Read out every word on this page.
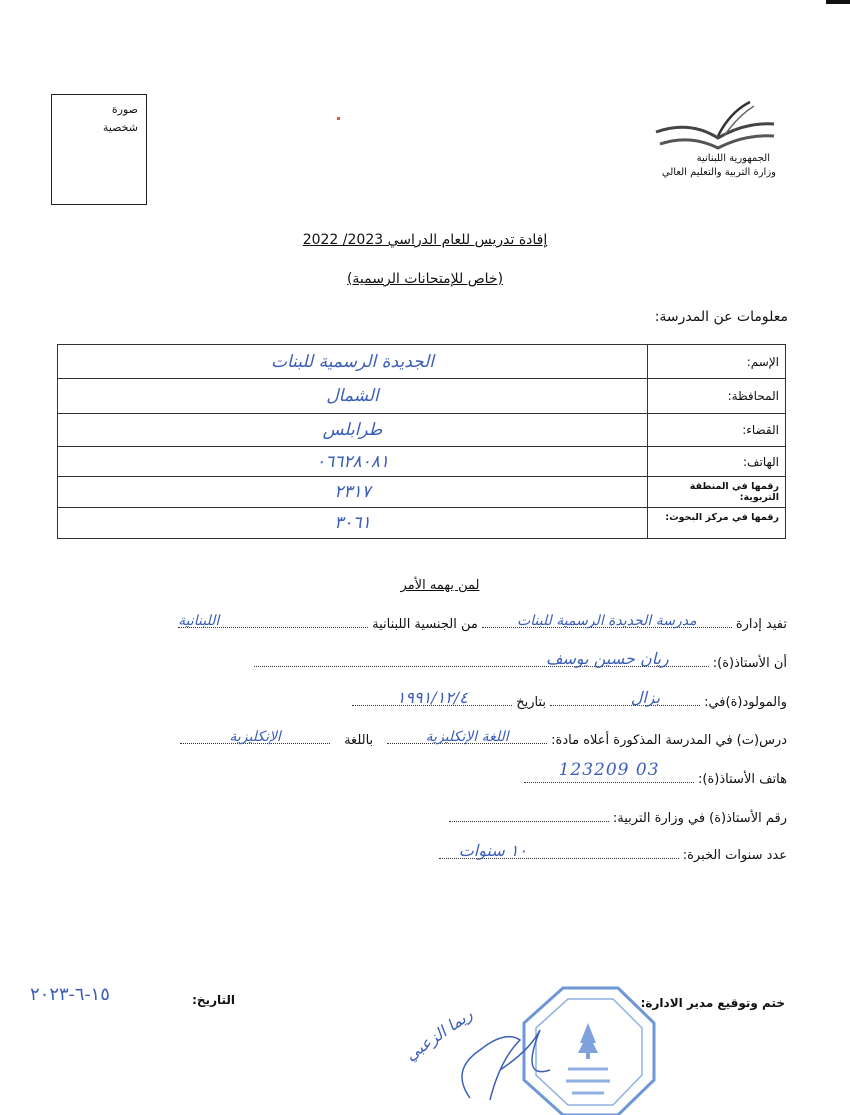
صورة
شخصية
الجمهورية اللبنانية
وزارة التربية والتعليم العالي
إفادة تدريس للعام الدراسي 2023/ 2022
(خاص للإمتحانات الرسمية)
معلومات عن المدرسة:
الإسم:	الجديدة الرسمية للبنات
المحافظة:	الشمال
القضاء:	طرابلس
الهاتف:	٠٦٦٢٨٠٨١
رقمها في المنطقة التربوية:	٢٣١٧
رقمها في مركز البحوث:	٣٠٦١
لمن يهمه الأمر
تفيد إدارة
مدرسة الجديدة الرسمية للبنات
من الجنسية اللبنانية
اللبنانية
أن الأستاذ(ة):
ريان حسين يوسف
والمولود(ة)في:
بزال
بتاريخ
١٩٩١/١٢/٤
درس(ت) في المدرسة المذكورة أعلاه مادة:
اللغة الإنكليزية
باللغة
الإنكليزية
هاتف الأستاذ(ة):
03 123209
رقم الأستاذ(ة) في وزارة التربية:
عدد سنوات الخبرة:
١٠ سنوات
ختم وتوقيع مدير الادارة:
التاريخ:
١٥-٦-٢٠٢٣
ريما الزعبي
